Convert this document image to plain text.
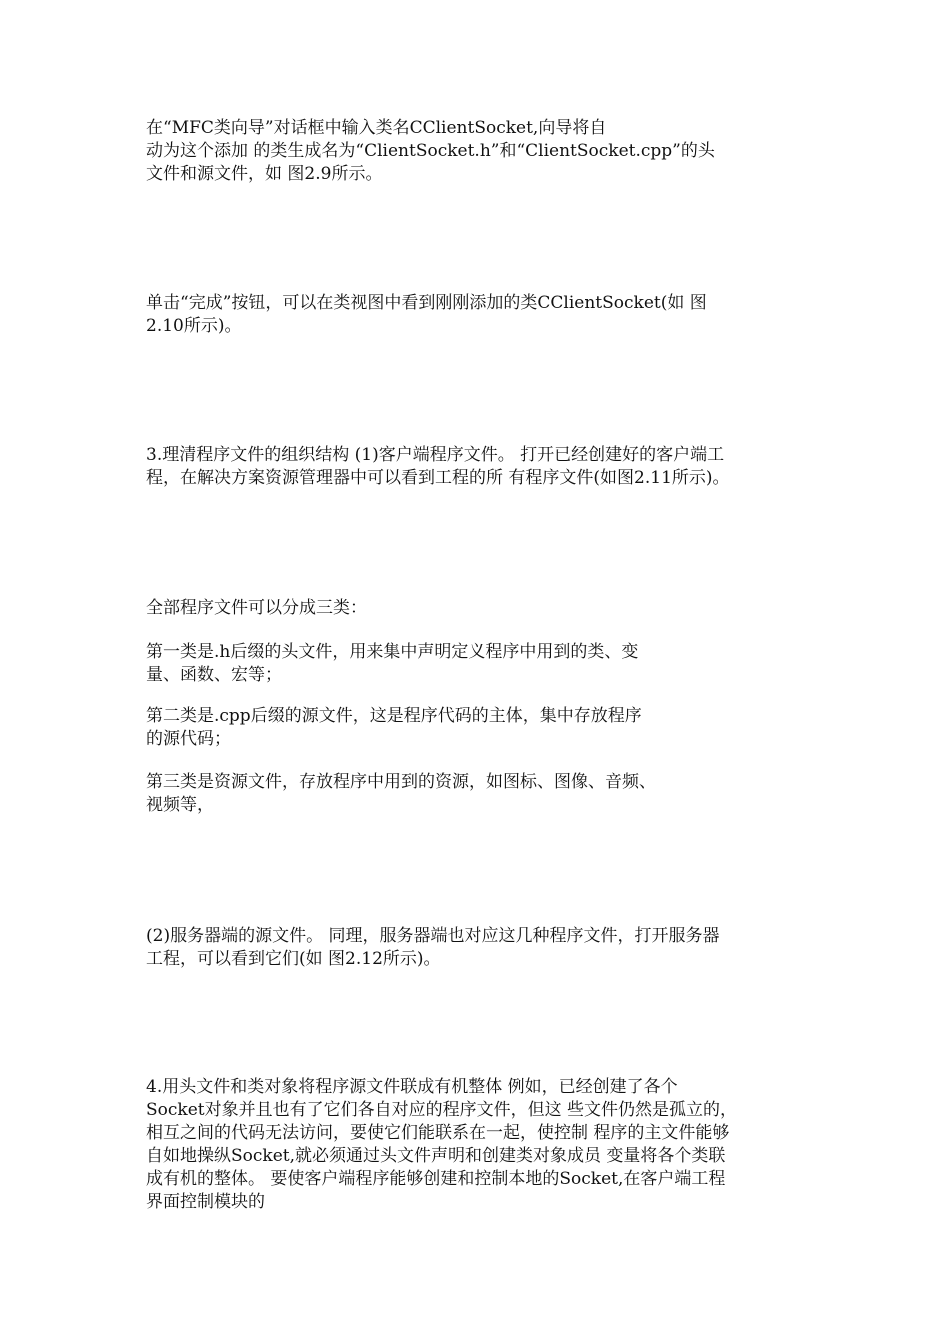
在“MFC类向导”对话框中输入类名CClientSocket,向导将自
动为这个添加 的类生成名为“ClientSocket.h”和“ClientSocket.cpp”的头
文件和源文件，如 图2.9所示。
单击“完成”按钮，可以在类视图中看到刚刚添加的类CClientSocket(如 图
2.10所示)。
3.理清程序文件的组织结构 (1)客户端程序文件。 打开已经创建好的客户端工
程，在解决方案资源管理器中可以看到工程的所 有程序文件(如图2.11所示)。
全部程序文件可以分成三类：
第一类是.h后缀的头文件，用来集中声明定义程序中用到的类、变
量、函数、宏等；
第二类是.cpp后缀的源文件，这是程序代码的主体，集中存放程序
的源代码；
第三类是资源文件，存放程序中用到的资源，如图标、图像、音频、
视频等，
(2)服务器端的源文件。 同理，服务器端也对应这几种程序文件，打开服务器
工程，可以看到它们(如 图2.12所示)。
4.用头文件和类对象将程序源文件联成有机整体 例如，已经创建了各个
Socket对象并且也有了它们各自对应的程序文件，但这 些文件仍然是孤立的，
相互之间的代码无法访问，要使它们能联系在一起，使控制 程序的主文件能够
自如地操纵Socket,就必须通过头文件声明和创建类对象成员 变量将各个类联
成有机的整体。 要使客户端程序能够创建和控制本地的Socket,在客户端工程
界面控制模块的
